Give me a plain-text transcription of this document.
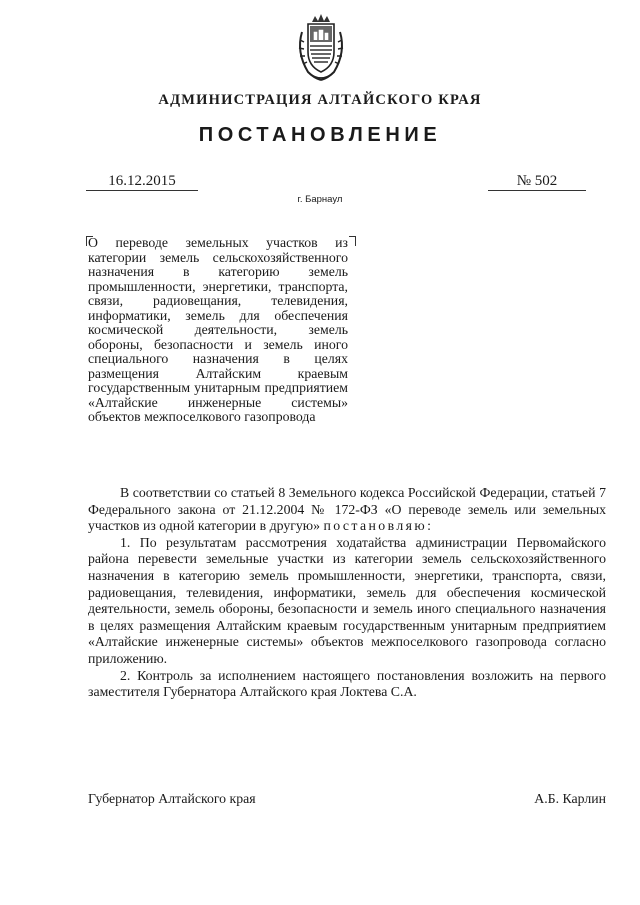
АДМИНИСТРАЦИЯ АЛТАЙСКОГО КРАЯ
ПОСТАНОВЛЕНИЕ
16.12.2015	№ 502
г. Барнаул
О переводе земельных участков из категории земель сельскохозяйственного назначения в категорию земель промышленности, энергетики, транспорта, связи, радиовещания, телевидения, информатики, земель для обеспечения космической деятельности, земель обороны, безопасности и земель иного специального назначения в целях размещения Алтайским краевым государственным унитарным предприятием «Алтайские инженерные системы» объектов межпоселкового газопровода

В соответствии со статьей 8 Земельного кодекса Российской Федерации, статьей 7 Федерального закона от 21.12.2004 № 172-ФЗ «О переводе земель или земельных участков из одной категории в другую» постановляю:

1. По результатам рассмотрения ходатайства администрации Первомайского района перевести земельные участки из категории земель сельскохозяйственного назначения в категорию земель промышленности, энергетики, транспорта, связи, радиовещания, телевидения, информатики, земель для обеспечения космической деятельности, земель обороны, безопасности и земель иного специального назначения в целях размещения Алтайским краевым государственным унитарным предприятием «Алтайские инженерные системы» объектов межпоселкового газопровода согласно приложению.

2. Контроль за исполнением настоящего постановления возложить на первого заместителя Губернатора Алтайского края Локтева С.А.

Губернатор Алтайского края	А.Б. Карлин
